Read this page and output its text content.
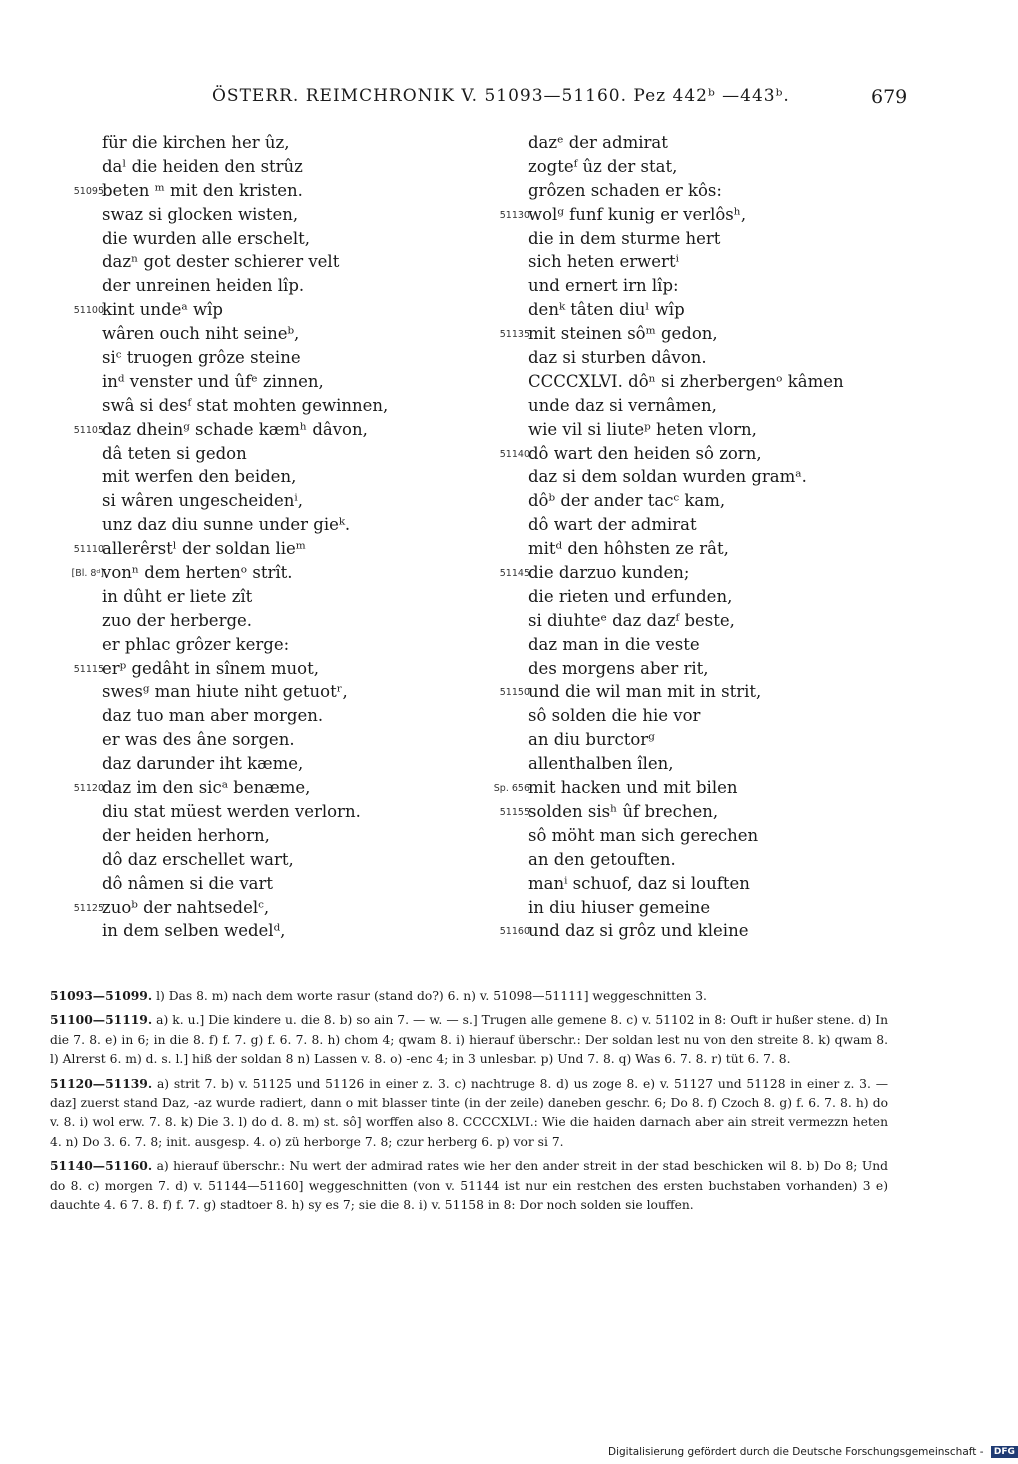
ÖSTERR. REIMCHRONIK V. 51093—51160. Pez 442ᵇ —443ᵇ.	679
für die kirchen her ûz,
daˡ die heiden den strûz
51095
beten ᵐ mit den kristen.
swaz si glocken wisten,
die wurden alle erschelt,
dazⁿ got dester schierer velt
der unreinen heiden lîp.
51100
kint undeᵃ wîp
wâren ouch niht seineᵇ,
siᶜ truogen grôze steine
inᵈ venster und ûfᵉ zinnen,
swâ si desᶠ stat mohten gewinnen,
51105
daz dheinᵍ schade kæmʰ dâvon,
dâ teten si gedon
mit werfen den beiden,
si wâren ungescheidenⁱ,
unz daz diu sunne under gieᵏ.
51110
allerêrstˡ der soldan lieᵐ
[Bl. 8ᵈ]
vonⁿ dem hertenᵒ strît.
in dûht er liete zît
zuo der herberge.
er phlac grôzer kerge:
51115
erᵖ gedâht in sînem muot,
swesᵍ man hiute niht getuotʳ,
daz tuo man aber morgen.
er was des âne sorgen.
daz darunder iht kæme,
51120
daz im den sicᵃ benæme,
diu stat müest werden verlorn.
der heiden herhorn,
dô daz erschellet wart,
dô nâmen si die vart
51125
zuoᵇ der nahtsedelᶜ,
in dem selben wedelᵈ,
dazᵉ der admirat
zogteᶠ ûz der stat,
grôzen schaden er kôs:
51130
wolᵍ funf kunig er verlôsʰ,
die in dem sturme hert
sich heten erwertⁱ
und ernert irn lîp:
denᵏ tâten diuˡ wîp
51135
mit steinen sôᵐ gedon,
daz si sturben dâvon.
CCCCXLVI. dôⁿ si zherbergenᵒ kâmen
unde daz si vernâmen,
wie vil si liuteᵖ heten vlorn,
51140
dô wart den heiden sô zorn,
daz si dem soldan wurden gramᵃ.
dôᵇ der ander tacᶜ kam,
dô wart der admirat
mitᵈ den hôhsten ze rât,
51145
die darzuo kunden;
die rieten und erfunden,
si diuhteᵉ daz dazᶠ beste,
daz man in die veste
des morgens aber rit,
51150
und die wil man mit in strit,
sô solden die hie vor
an diu burctorᵍ
allenthalben îlen,
Sp. 656
mit hacken und mit bilen
51155
solden sisʰ ûf brechen,
sô möht man sich gerechen
an den getouften.
manⁱ schuof, daz si louften
in diu hiuser gemeine
51160
und daz si grôz und kleine

51093—51099. l) Das 8. m) nach dem worte rasur (stand do?) 6. n) v. 51098—51111] weggeschnitten 3.

51100—51119. a) k. u.] Die kindere u. die 8. b) so ain 7. — w. — s.] Trugen alle gemene 8. c) v. 51102 in 8: Ouft ir hußer stene. d) In die 7. 8. e) in 6; in die 8. f) f. 7. g) f. 6. 7. 8. h) chom 4; qwam 8. i) hierauf überschr.: Der soldan lest nu von den streite 8. k) qwam 8. l) Alrerst 6. m) d. s. l.] hiß der soldan 8 n) Lassen v. 8. o) -enc 4; in 3 unlesbar. p) Und 7. 8. q) Was 6. 7. 8. r) tüt 6. 7. 8.

51120—51139. a) strit 7. b) v. 51125 und 51126 in einer z. 3. c) nachtruge 8. d) us zoge 8. e) v. 51127 und 51128 in einer z. 3. — daz] zuerst stand Daz, -az wurde radiert, dann o mit blasser tinte (in der zeile) daneben geschr. 6; Do 8. f) Czoch 8. g) f. 6. 7. 8. h) do v. 8. i) wol erw. 7. 8. k) Die 3. l) do d. 8. m) st. sô] worffen also 8. CCCCXLVI.: Wie die haiden darnach aber ain streit vermezzn heten 4. n) Do 3. 6. 7. 8; init. ausgesp. 4. o) zü herborge 7. 8; czur herberg 6. p) vor si 7.

51140—51160. a) hierauf überschr.: Nu wert der admirad rates wie her den ander streit in der stad beschicken wil 8. b) Do 8; Und do 8. c) morgen 7. d) v. 51144—51160] weggeschnitten (von v. 51144 ist nur ein restchen des ersten buchstaben vorhanden) 3 e) dauchte 4. 6 7. 8. f) f. 7. g) stadtoer 8. h) sy es 7; sie die 8. i) v. 51158 in 8: Dor noch solden sie louffen.

Digitalisierung gefördert durch die Deutsche Forschungsgemeinschaft - DFG
